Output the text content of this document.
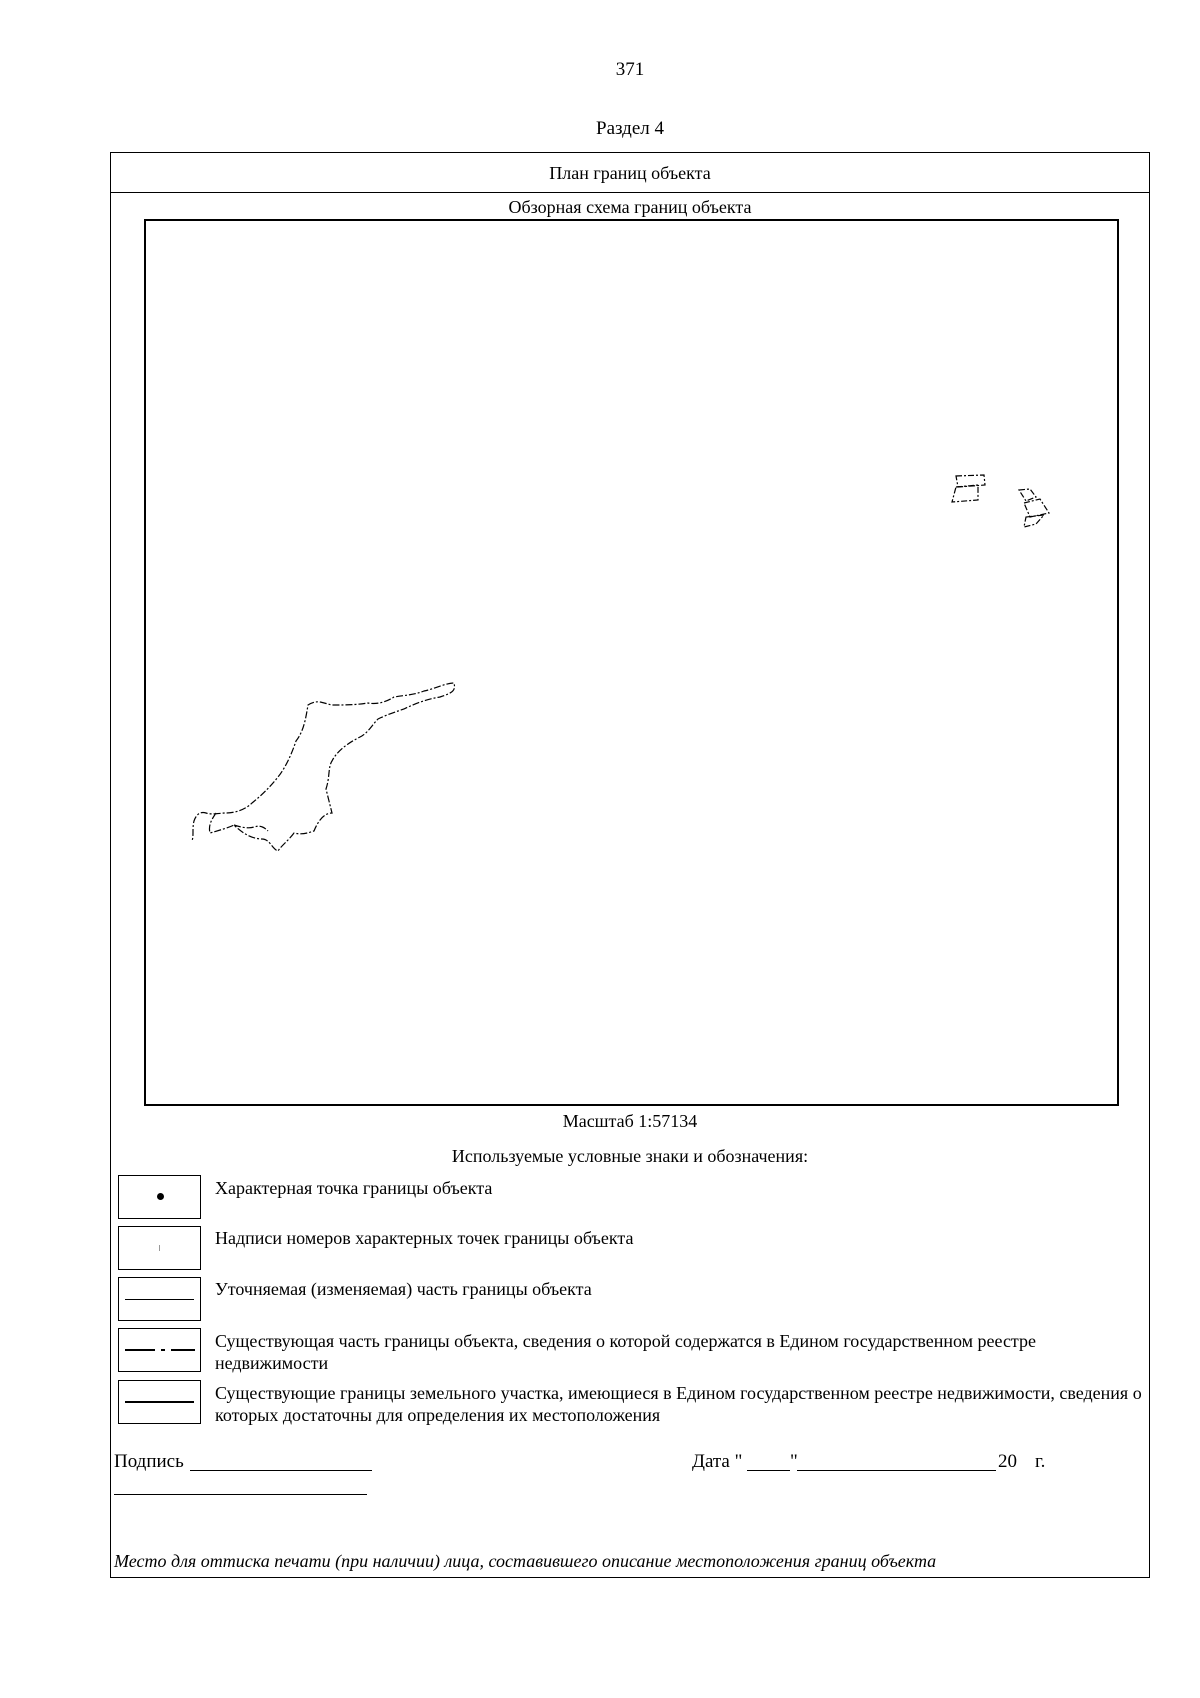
371
Раздел 4
План границ объекта
Обзорная схема границ объекта
Масштаб 1:57134
Используемые условные знаки и обозначения:
Характерная точка границы объекта
Надписи номеров характерных точек границы объекта
Уточняемая (изменяемая) часть границы объекта
Существующая часть границы объекта, сведения о которой содержатся в Едином государственном реестре недвижимости
Существующие границы земельного участка, имеющиеся в Едином государственном реестре недвижимости, сведения о которых достаточны для определения их местоположения
Подпись	Дата "	"	20 г.
Место для оттиска печати (при наличии) лица, составившего описание местоположения границ объекта
